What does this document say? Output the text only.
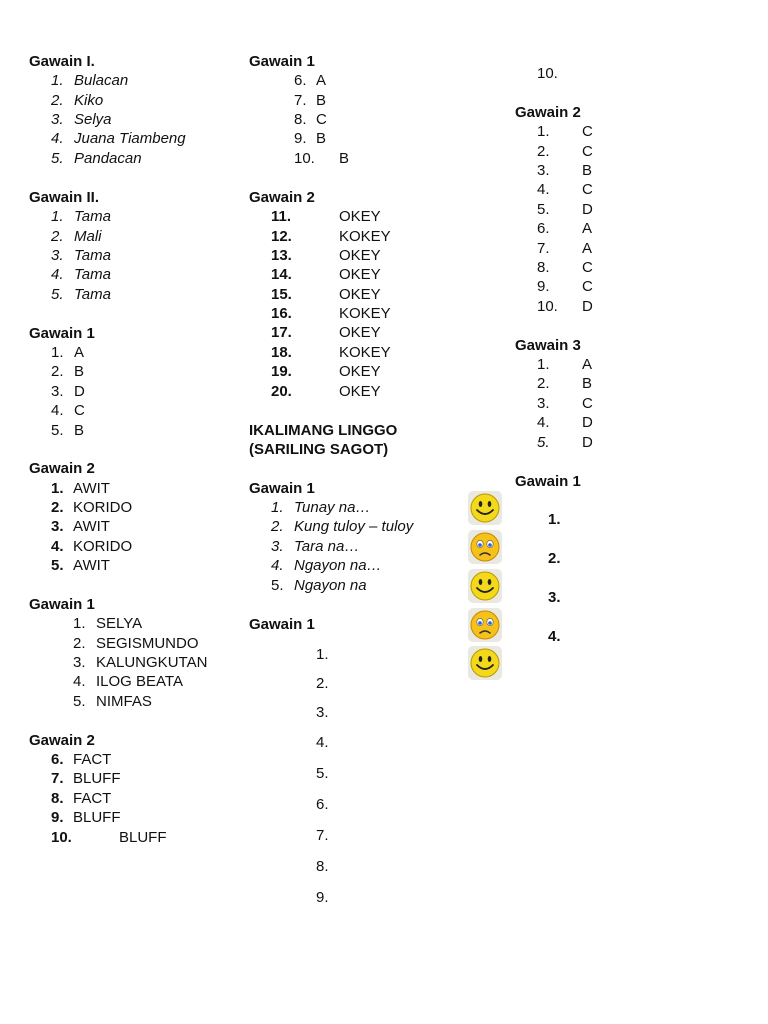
Gawain I.
1. Bulacan
2. Kiko
3. Selya
4. Juana Tiambeng
5. Pandacan
Gawain II.
1. Tama
2. Mali
3. Tama
4. Tama
5. Tama
Gawain 1
1. A
2. B
3. D
4. C
5. B
Gawain 2
1. AWIT
2. KORIDO
3. AWIT
4. KORIDO
5. AWIT
Gawain 1
1. SELYA
2. SEGISMUNDO
3. KALUNGKUTAN
4. ILOG BEATA
5. NIMFAS
Gawain 2
6. FACT
7. BLUFF
8. FACT
9. BLUFF
10.	BLUFF
Gawain 1
6. A
7. B
8. C
9. B
10. B
Gawain 2
11.	OKEY
12.	KOKEY
13.	OKEY
14.	OKEY
15.	OKEY
16.	KOKEY
17.	OKEY
18.	KOKEY
19.	OKEY
20.	OKEY
IKALIMANG LINGGO
(SARILING SAGOT)
Gawain 1
1. Tunay na…
2. Kung tuloy – tuloy
3. Tara na…
4. Ngayon na…
5. Ngayon na
Gawain 1
1.
2.
3.
4.
5.
6.
7.
8.
9.
10.
Gawain 2
1. C
2. C
3. B
4. C
5. D
6. A
7. A
8. C
9. C
10. D
Gawain 3
1. A
2. B
3. C
4. D
5. D
Gawain 1
1.
2.
3.
4.
